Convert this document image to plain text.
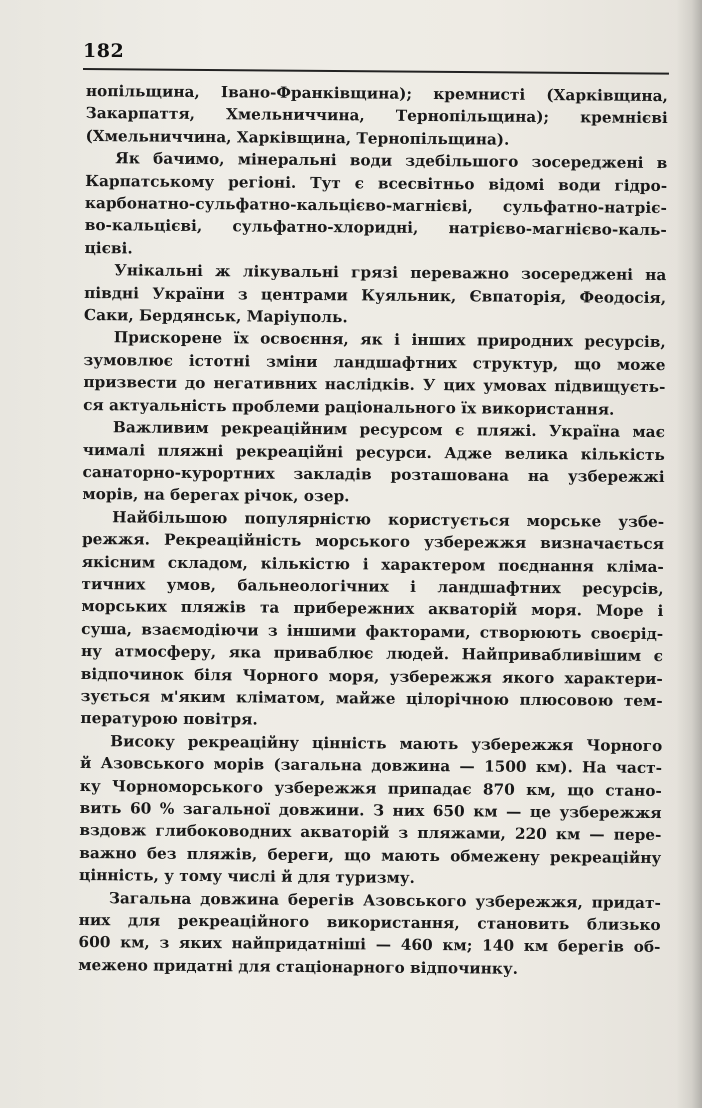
182
нопільщина, Івано-Франківщина); кремнисті (Харківщина,
Закарпаття, Хмельниччина, Тернопільщина); кремнієві
(Хмельниччина, Харківщина, Тернопільщина).
Як бачимо, мінеральні води здебільшого зосереджені в
Карпатському регіоні. Тут є всесвітньо відомі води гідро-
карбонатно-сульфатно-кальцієво-магнієві, сульфатно-натріє-
во-кальцієві, сульфатно-хлоридні, натрієво-магнієво-каль-
цієві.
Унікальні ж лікувальні грязі переважно зосереджені на
півдні України з центрами Куяльник, Євпаторія, Феодосія,
Саки, Бердянськ, Маріуполь.
Прискорене їх освоєння, як і інших природних ресурсів,
зумовлює істотні зміни ландшафтних структур, що може
призвести до негативних наслідків. У цих умовах підвищуєть-
ся актуальність проблеми раціонального їх використання.
Важливим рекреаційним ресурсом є пляжі. Україна має
чималі пляжні рекреаційні ресурси. Адже велика кількість
санаторно-курортних закладів розташована на узбережжі
морів, на берегах річок, озер.
Найбільшою популярністю користується морське узбе-
режжя. Рекреаційність морського узбережжя визначається
якісним складом, кількістю і характером поєднання кліма-
тичних умов, бальнеологічних і ландшафтних ресурсів,
морських пляжів та прибережних акваторій моря. Море і
суша, взаємодіючи з іншими факторами, створюють своєрід-
ну атмосферу, яка приваблює людей. Найпривабливішим є
відпочинок біля Чорного моря, узбережжя якого характери-
зується м'яким кліматом, майже цілорічною плюсовою тем-
пературою повітря.
Високу рекреаційну цінність мають узбережжя Чорного
й Азовського морів (загальна довжина — 1500 км). На част-
ку Чорноморського узбережжя припадає 870 км, що стано-
вить 60 % загальної довжини. З них 650 км — це узбережжя
вздовж глибоководних акваторій з пляжами, 220 км — пере-
важно без пляжів, береги, що мають обмежену рекреаційну
цінність, у тому числі й для туризму.
Загальна довжина берегів Азовського узбережжя, придат-
них для рекреаційного використання, становить близько
600 км, з яких найпридатніші — 460 км; 140 км берегів об-
межено придатні для стаціонарного відпочинку.
